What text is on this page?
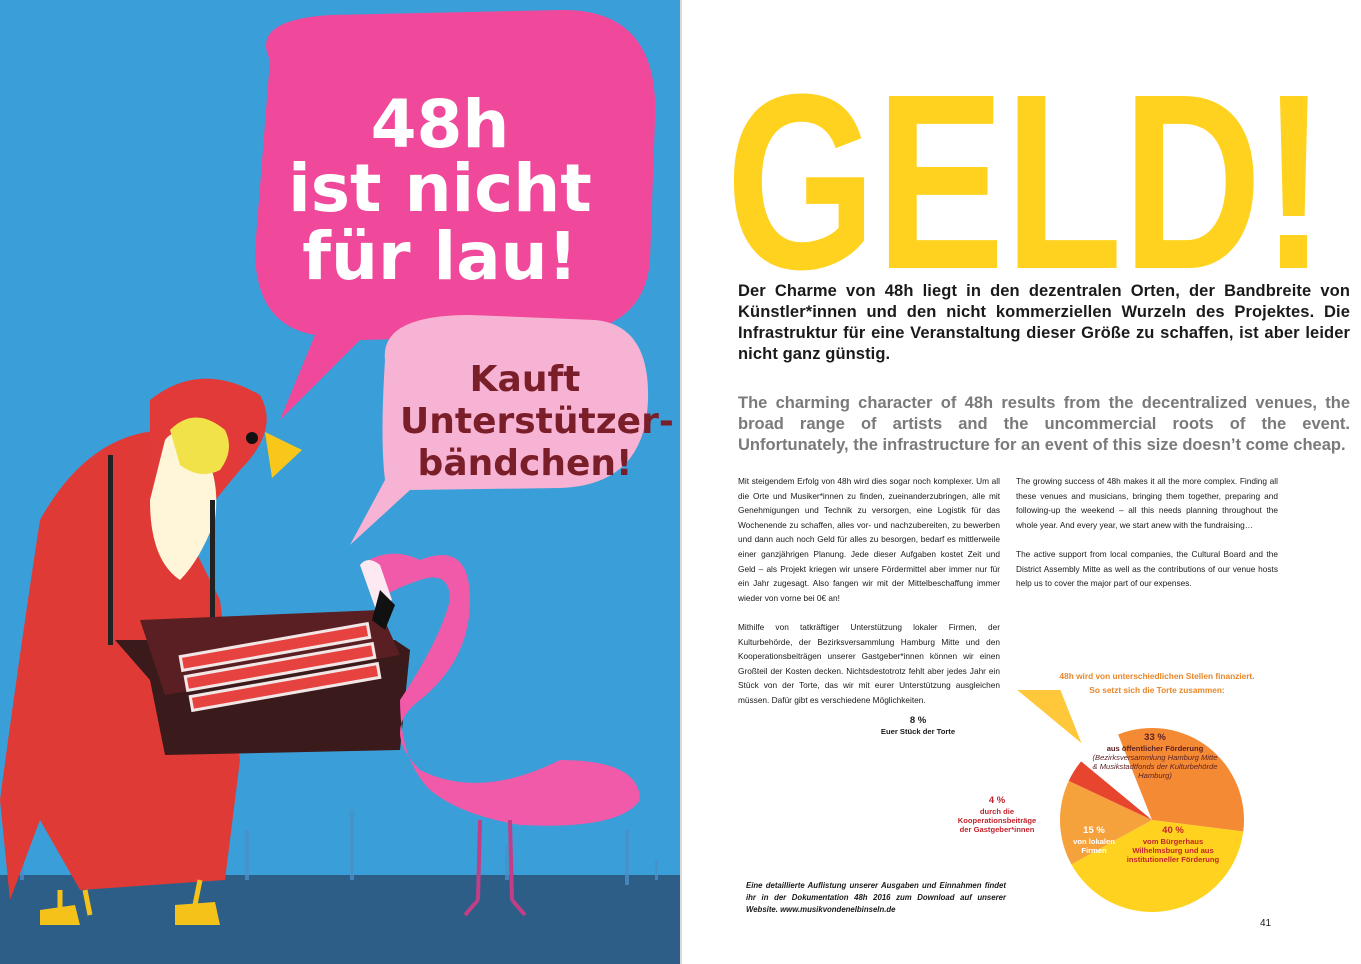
48h
ist nicht
für lau!
Kauft
Unterstützer-
bändchen!
GELD!
Der Charme von 48h liegt in den dezentralen Orten, der Bandbreite von Künstler*innen und den nicht kommerziellen Wurzeln des Projektes. Die Infrastruktur für eine Veranstaltung dieser Größe zu schaffen, ist aber leider nicht ganz günstig.
The charming character of 48h results from the decentralized venues, the broad range of artists and the uncommercial roots of the event. Unfortunately, the infrastructure for an event of this size doesn’t come cheap.

Mit steigendem Erfolg von 48h wird dies sogar noch komplexer. Um all die Orte und Musiker*innen zu finden, zueinanderzubringen, alle mit Genehmigungen und Technik zu versorgen, eine Logistik für das Wochenende zu schaffen, alles vor- und nachzubereiten, zu bewerben und dann auch noch Geld für alles zu besorgen, bedarf es mittlerweile einer ganzjährigen Planung. Jede dieser Aufgaben kostet Zeit und Geld – als Projekt kriegen wir unsere Fördermittel aber immer nur für ein Jahr zugesagt. Also fangen wir mit der Mittelbeschaffung immer wieder von vorne bei 0€ an!

Mithilfe von tatkräftiger Unterstützung lokaler Firmen, der Kulturbehörde, der Bezirksversammlung Hamburg Mitte und den Kooperationsbeiträgen unserer Gastgeber*innen können wir einen Großteil der Kosten decken. Nichtsdestotrotz fehlt aber jedes Jahr ein Stück von der Torte, das wir mit eurer Unterstützung ausgleichen müssen. Dafür gibt es verschiedene Möglichkeiten.

The growing success of 48h makes it all the more complex. Finding all these venues and musicians, bringing them together, preparing and following-up the weekend – all this needs planning throughout the whole year. And every year, we start anew with the fundraising…

The active support from local companies, the Cultural Board and the District Assembly Mitte as well as the contributions of our venue hosts help us to cover the major part of our expenses.

48h wird von unterschiedlichen Stellen finanziert.
So setzt sich die Torte zusammen:
33 %
aus öffentlicher Förderung
(Bezirksversammlung Hamburg Mitte & Musikstadtfonds der Kulturbehörde Hamburg)
40 %
vom Bürgerhaus Wilhelmsburg und aus institutioneller Förderung
15 %
von lokalen Firmen
4 %
durch die Kooperationsbeiträge der Gastgeber*innen
8 %
Euer Stück der Torte
Eine detaillierte Auflistung unserer Ausgaben und Einnahmen findet ihr in der Dokumentation 48h 2016 zum Download auf unserer Website. www.musikvondenelbinseln.de
41
